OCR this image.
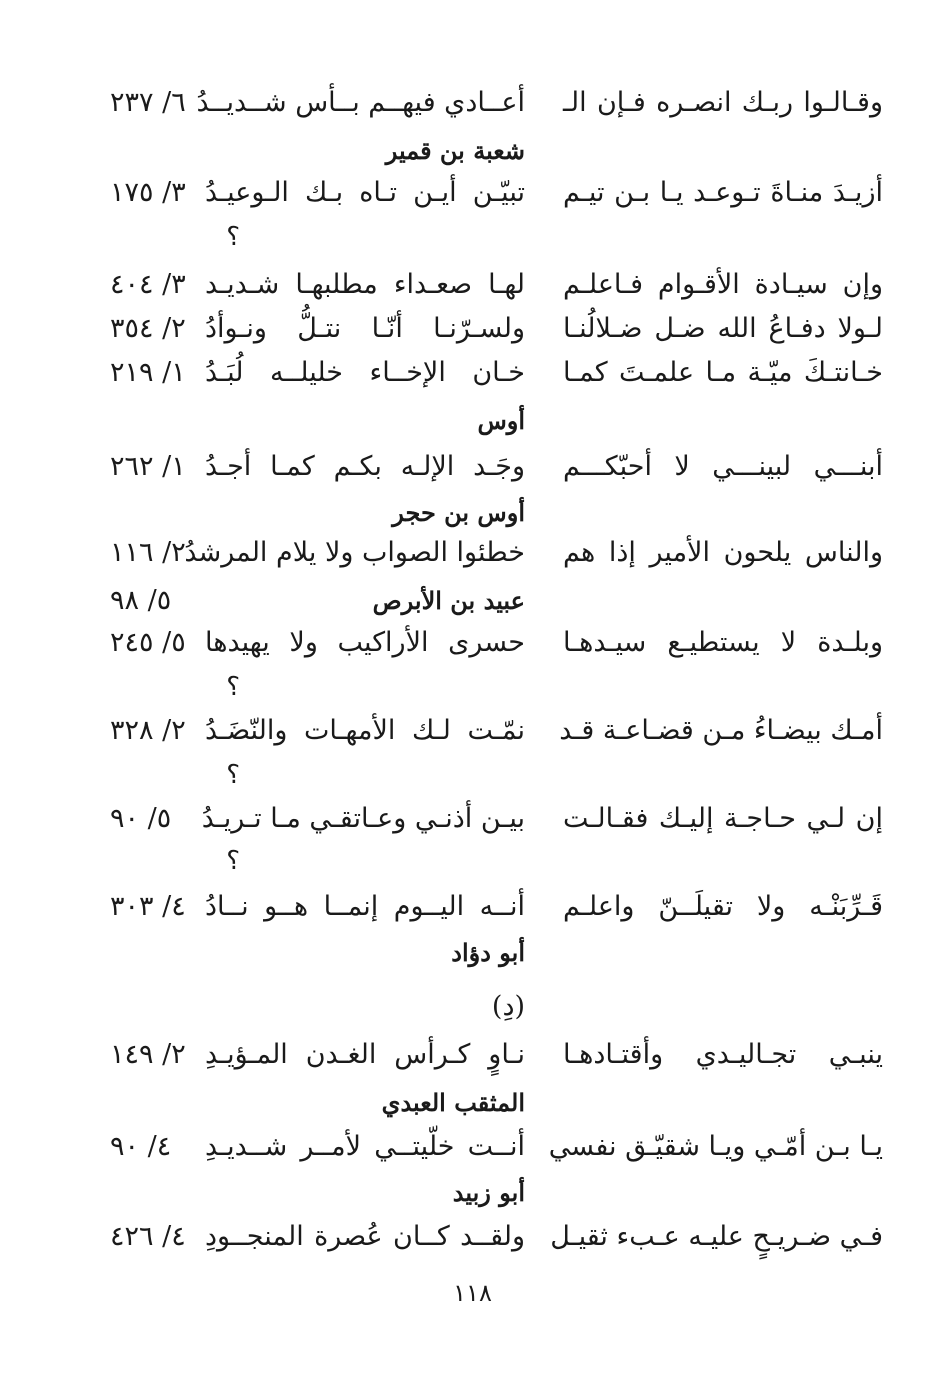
وقـالـوا ربـك انصـره فـإن الـ
أعــادي فيهــم بــأس شــديــدُ
٦/ ٢٣٧
شعبة بن قمير
أزيـدَ منـاةَ تـوعـد يـا بـن تيـم
تبيّـن أيـن تـاه بـك الـوعيـدُ
٣/ ١٧٥
؟
وإن سيـادة الأقـوام فـاعلـم
لهـا صعـداء مطلبهـا شـديـد
٣/ ٤٠٤
لـولا دفـاعُ الله ضـل ضـلالُنـا
ولسـرّنـا أنّـا نتـلُّ ونـوأدُ
٢/ ٣٥٤
خـانتـكَ ميّـة مـا علمـتَ كمـا
خـان الإخــاء خليلــه لُبَـدُ
١/ ٢١٩
أوس
أبنـــي لبينـــي لا أحبّكـــم
وجَـد الإلـه بكـم كمـا أجـدُ
١/ ٢٦٢
أوس بن حجر
والناس يلحون الأمير إذا هم
خطئوا الصواب ولا يلام المرشدُ
٢/ ١١٦
عبيد بن الأبرص
٥/ ٩٨
وبلـدة لا يستطيـع سيـدهـا
حسرى الأراكيب ولا يهيدها
٥/ ٢٤٥
؟
أمـك بيضـاءُ مـن قضـاعـة قـد
نمّـت لـك الأمهـات والنّضَـدُ
٢/ ٣٢٨
؟
إن لـي حـاجـة إليـك فقـالـت
بيـن أذنـي وعـاتقـي مـا تـريـدُ
٥/ ٩٠
؟
قَـرِّبَنْـه ولا تقيلَــنّ واعلـم
أنــه اليــوم إنمــا هــو نــادُ
٤/ ٣٠٣
أبو دؤاد
(دِ)
ينبـي تجـاليـدي وأقتـادهـا
نـاوٍ كـرأس الغـدن المـؤيـدِ
٢/ ١٤٩
المثقب العبدي
يـا بـن أمّـي ويـا شقيّـق نفسي
أنــت خلّيتــي لأمــر شــديـدِ
٤/ ٩٠
أبو زبيد
فـي ضـريـحٍ عليـه عـبء ثقيـل
ولقــد كــان عُصرة المنجــودِ
٤/ ٤٢٦
١١٨
